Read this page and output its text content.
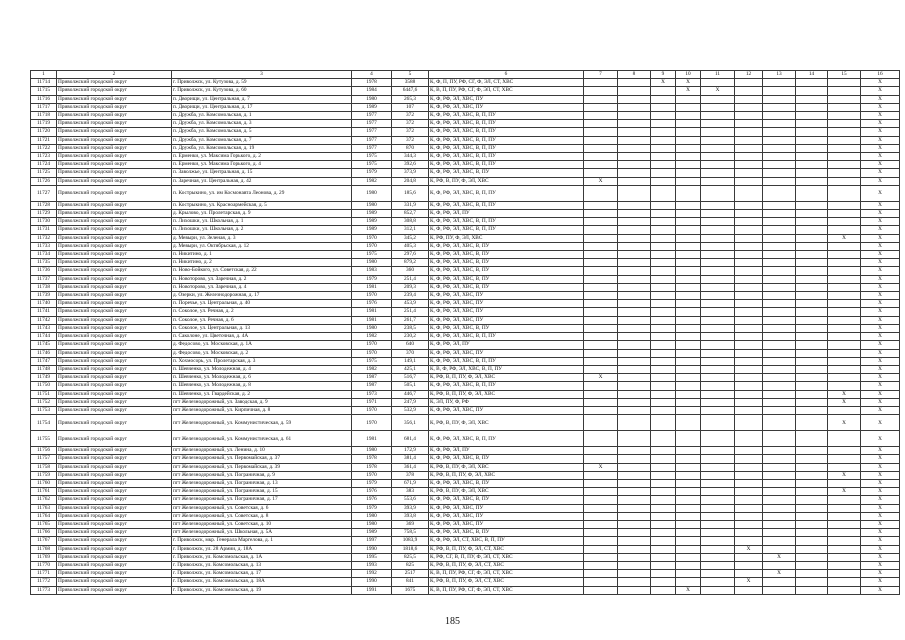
1	2	3	4	5	6	7	8	9	10	11	12	13	14	15	16
11714	Приволжский городской округ	г. Приволжск, ул. Кутузова, д. 59	1978	3588	К, Ф, П, ПУ, РФ, СГ, Ф, ЭЛ, СТ, ХВС			Х	Х						Х
11715	Приволжский городской округ	г. Приволжск, ул. Кутузова, д. 60	1984	6447,6	К, В, П, ПУ, РФ, СГ, Ф, ЭЛ, СТ, ХВС				Х	Х					Х
11716	Приволжский городской округ	п. Дворищи, ул. Центральная, д. 7	1980	265,3	К, Ф, РФ, ЭЛ, ХВС, ПУ										Х
11717	Приволжский городской округ	п. Дворищи, ул. Центральная, д. 17	1989	107	К, Ф, РФ, ЭЛ, ХВС, ПУ										Х
11718	Приволжский городской округ	п. Дружба, ул. Комсомольская, д. 1	1977	372	К, Ф, РФ, ЭЛ, ХВС, В, П, ПУ										Х
11719	Приволжский городской округ	п. Дружба, ул. Комсомольская, д. 3	1977	372	К, Ф, РФ, ЭЛ, ХВС, В, П, ПУ										Х
11720	Приволжский городской округ	п. Дружба, ул. Комсомольская, д. 5	1977	372	К, Ф, РФ, ЭЛ, ХВС, В, П, ПУ										Х
11721	Приволжский городской округ	п. Дружба, ул. Комсомольская, д. 7	1977	372	К, Ф, РФ, ЭЛ, ХВС, В, П, ПУ										Х
11722	Приволжский городской округ	п. Дружба, ул. Комсомольская, д. 19	1977	870	К, Ф, РФ, ЭЛ, ХВС, В, П, ПУ										Х
11723	Приволжский городской округ	п. Ерменки, ул. Максима Горького, д. 2	1975	344,3	К, Ф, РФ, ЭЛ, ХВС, В, П, ПУ										Х
11724	Приволжский городской округ	п. Ерменки, ул. Максима Горького, д. 4	1975	392,6	К, Ф, РФ, ЭЛ, ХВС, В, П, ПУ										Х
11725	Приволжский городской округ	п. Заволжье, ул. Центральная, д. 15	1979	373,9	К, Ф, РФ, ЭЛ, ХВС, В, ПУ										Х
11726	Приволжский городской округ	п. Заречная, ул. Центральная, д. 42	1982	204,8	К, РФ, В, ПУ, Ф, ЭЛ, ХВС	Х									Х
11727	Приволжский городской округ	п. Кострыкино, ул. им Космонавта Леонова, д. 29	1980	185,6	К, Ф, РФ, ЭЛ, ХВС, В, П, ПУ										Х
11728	Приволжский городской округ	п. Кострыкино, ул. Красноармейская, д. 5	1980	331,9	К, Ф, РФ, ЭЛ, ХВС, В, П, ПУ										Х
11729	Приволжский городской округ	д. Крылово, ул. Пролетарская, д. 9	1989	852,7	К, Ф, РФ, ЭЛ, ПУ										Х
11730	Приволжский городской округ	п. Лихошки, ул. Школьная, д. 1	1989	308,8	К, Ф, РФ, ЭЛ, ХВС, В, П, ПУ										Х
11731	Приволжский городской округ	п. Лихошки, ул. Школьная, д. 2	1989	312,1	К, Ф, РФ, ЭЛ, ХВС, В, П, ПУ										Х
11732	Приволжский городской округ	д. Мевыри, ул. Зеленая, д. 3	1970	345,2	К, РФ, ПУ, Ф, ЭЛ, ХВС									Х	Х
11733	Приволжский городской округ	д. Мевыри, ул. Октябрьская, д. 12	1970	405,3	К, Ф, РФ, ЭЛ, ХВС, В, ПУ										Х
11734	Приволжский городской округ	п. Никитино, д. 1	1975	297,6	К, Ф, РФ, ЭЛ, ХВС, В, ПУ										Х
11735	Приволжский городской округ	п. Никитино, д. 2	1980	879,2	К, Ф, РФ, ЭЛ, ХВС, В, ПУ										Х
11736	Приволжский городской округ	п. Ново-Бойкого, ул. Советская, д. 22	1983	360	К, Ф, РФ, ЭЛ, ХВС, В, ПУ										Х
11737	Приволжский городской округ	п. Новоторово, ул. Заречная, д. 2	1979	251,4	К, Ф, РФ, ЭЛ, ХВС, В, ПУ										Х
11738	Приволжский городской округ	п. Новоторово, ул. Заречная, д. 4	1981	209,3	К, Ф, РФ, ЭЛ, ХВС, В, ПУ										Х
11739	Приволжский городской округ	д. Озерки, ул. Железнодорожная, д. 17	1970	239,4	К, Ф, РФ, ЭЛ, ХВС, ПУ										Х
11740	Приволжский городской округ	п. Поречье, ул. Центральная, д. 40	1976	453,9	К, Ф, РФ, ЭЛ, ХВС, ПУ										Х
11741	Приволжский городской округ	п. Соколое, ул. Речная, д. 2	1981	251,4	К, Ф, РФ, ЭЛ, ХВС, ПУ										Х
11742	Приволжский городской округ	п. Соколое, ул. Речная, д. 6	1981	261,7	К, Ф, РФ, ЭЛ, ХВС, ПУ										Х
11743	Приволжский городской округ	п. Соколое, ул. Центральная, д. 13	1980	238,5	К, Ф, РФ, ЭЛ, ХВС, В, ПУ										Х
11744	Приволжский городской округ	п. Саколоне, ул. Цветочная, д. 4А	1982	230,2	К, Ф, РФ, ЭЛ, ХВС, В, П, ПУ										Х
11745	Приволжский городской округ	д. Федосово, ул. Московская, д. 1А	1970	640	К, Ф, РФ, ЭЛ, ПУ										Х
11746	Приволжский городской округ	д. Федосово, ул. Московская, д. 2	1970	370	К, Ф, РФ, ЭЛ, ХВС, ПУ										Х
11747	Приволжский городской округ	п. Хохмосорь, ул. Пролетарская, д. 3	1975	149,1	К, Ф, РФ, ЭЛ, ХВС, В, П, ПУ										Х
11748	Приволжский городской округ	п. Шевченко, ул. Молодежная, д. 4	1982	425,1	К, В, Ф, РФ, ЭЛ, ХВС, В, П, ПУ										Х
11749	Приволжский городской округ	п. Шевченко, ул. Молодежная, д. 6	1987	516,7	К, РФ, В, П, ПУ, Ф, ЭЛ, ХВС	Х									Х
11750	Приволжский городской округ	п. Шевченко, ул. Молодежная, д. 8	1987	505,1	К, Ф, РФ, ЭЛ, ХВС, В, П, ПУ										Х
11751	Приволжский городской округ	п. Шевченко, ул. Гвардейская, д. 2	1973	446,7	К, РФ, В, П, ПУ, Ф, ЭЛ, ХВС									Х	Х
11752	Приволжский городской округ	пгт Железнодорожный, ул. Заводская, д. 9	1971	247,9	К, ЭЛ, ПУ, Ф, РФ									Х	Х
11753	Приволжский городской округ	пгт Железнодорожный, ул. Кирпичная, д. 8	1970	532,9	К, Ф, РФ, ЭЛ, ХВС, ПУ										Х
11754	Приволжский городской округ	пгт Железнодорожный, ул. Коммунистическая, д. 59	1970	356,1	К, РФ, В, ПУ, Ф, ЭЛ, ХВС									Х	Х
11755	Приволжский городской округ	пгт Железнодорожный, ул. Коммунистическая, д. 61	1981	681,4	К, Ф, РФ, ЭЛ, ХВС, В, П, ПУ										Х
11756	Приволжский городской округ	пгт Железнодорожный, ул. Ленина, д. 10	1980	172,9	К, Ф, РФ, ЭЛ, ПУ										Х
11757	Приволжский городской округ	пгт Железнодорожный, ул. Первомайская, д. 37	1978	381,4	К, Ф, РФ, ЭЛ, ХВС, В, ПУ										Х
11758	Приволжский городской округ	пгт Железнодорожный, ул. Первомайская, д. 39	1978	361,4	К, РФ, В, ПУ, Ф, ЭЛ, ХВС	Х									Х
11759	Приволжский городской округ	пгт Железнодорожный, ул. Пограничная, д. 9	1970	378	К, РФ, В, П, ПУ, Ф, ЭЛ, ХВС									Х	Х
11760	Приволжский городской округ	пгт Железнодорожный, ул. Пограничная, д. 13	1979	671,9	К, Ф, РФ, ЭЛ, ХВС, В, ПУ										Х
11761	Приволжский городской округ	пгт Железнодорожный, ул. Пограничная, д. 15	1976	383	К, РФ, В, ПУ, Ф, ЭЛ, ХВС									Х	Х
11762	Приволжский городской округ	пгт Железнодорожный, ул. Пограничная, д. 17	1976	553,6	К, Ф, РФ, ЭЛ, ХВС, В, ПУ										Х
11763	Приволжский городской округ	пгт Железнодорожный, ул. Советская, д. 6	1979	393,9	К, Ф, РФ, ЭЛ, ХВС, ПУ										Х
11764	Приволжский городской округ	пгт Железнодорожный, ул. Советская, д. 8	1980	393,8	К, Ф, РФ, ЭЛ, ХВС, ПУ										Х
11765	Приволжский городской округ	пгт Железнодорожный, ул. Советская, д. 10	1980	369	К, Ф, РФ, ЭЛ, ХВС, ПУ										Х
11766	Приволжский городской округ	пгт Железнодорожный, ул. Школьная, д. 5А	1989	758,5	К, Ф, РФ, ЭЛ, ХВС, В, ПУ										Х
11767	Приволжский городской округ	г. Приволжск, мкр. Генерала Маргелова, д. 1	1997	1083,9	К, Ф, РФ, ЭЛ, СТ, ХВС, В, П, ПУ										Х
11768	Приволжский городской округ	г. Приволжск, ул. 28 Армии, д. 18А	1990	1818,6	К, РФ, В, П, ПУ, Ф, ЭЛ, СТ, ХВС						Х				Х
11769	Приволжский городской округ	г. Приволжск, ул. Комсомольская, д. 1А	1995	825,5	К, РФ, СГ, В, П, ПУ, Ф, ЭЛ, СТ, ХВС							Х			Х
11770	Приволжский городской округ	г. Приволжск, ул. Комсомольская, д. 13	1993	825	К, РФ, В, П, ПУ, Ф, ЭЛ, СТ, ХВС										Х
11771	Приволжский городской округ	г. Приволжск, ул. Комсомольская, д. 17	1992	2517	К, В, П, ПУ, РФ, СГ, Ф, ЭЛ, СТ, ХВС							Х			Х
11772	Приволжский городской округ	г. Приволжск, ул. Комсомольская, д. 18А	1990	841	К, РФ, В, П, ПУ, Ф, ЭЛ, СТ, ХВС						Х				Х
11773	Приволжский городской округ	г. Приволжск, ул. Комсомольская, д. 19	1991	1675	К, В, П, ПУ, РФ, СГ, Ф, ЭЛ, СТ, ХВС				Х						Х
185
